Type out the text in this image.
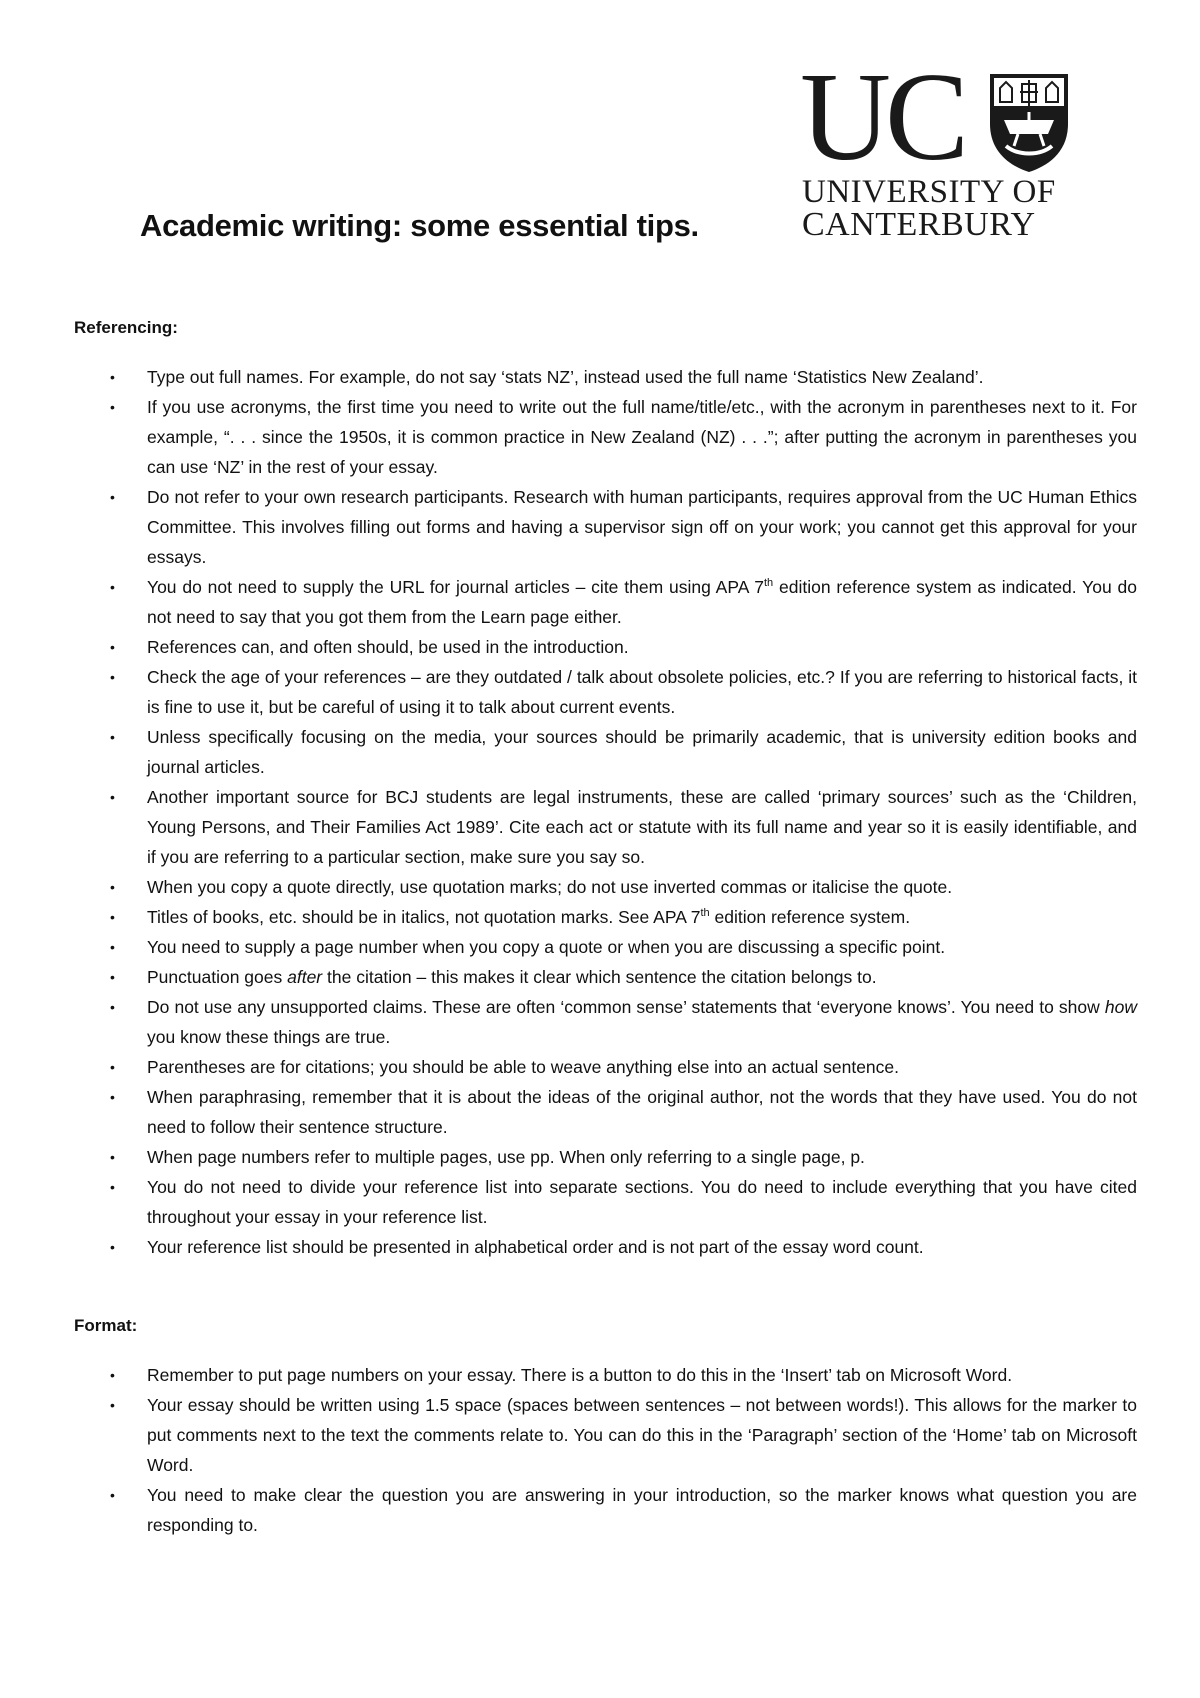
UC
UNIVERSITY OF
CANTERBURY
Academic writing: some essential tips.
Referencing:
• Type out full names. For example, do not say ‘stats NZ’, instead used the full name ‘Statistics New Zealand’.
• If you use acronyms, the first time you need to write out the full name/title/etc., with the acronym in parentheses next to it. For example, “. . . since the 1950s, it is common practice in New Zealand (NZ) . . .”; after putting the acronym in parentheses you can use ‘NZ’ in the rest of your essay.
• Do not refer to your own research participants. Research with human participants, requires approval from the UC Human Ethics Committee. This involves filling out forms and having a supervisor sign off on your work; you cannot get this approval for your essays.
• You do not need to supply the URL for journal articles – cite them using APA 7th edition reference system as indicated. You do not need to say that you got them from the Learn page either.
• References can, and often should, be used in the introduction.
• Check the age of your references – are they outdated / talk about obsolete policies, etc.? If you are referring to historical facts, it is fine to use it, but be careful of using it to talk about current events.
• Unless specifically focusing on the media, your sources should be primarily academic, that is university edition books and journal articles.
• Another important source for BCJ students are legal instruments, these are called ‘primary sources’ such as the ‘Children, Young Persons, and Their Families Act 1989’. Cite each act or statute with its full name and year so it is easily identifiable, and if you are referring to a particular section, make sure you say so.
• When you copy a quote directly, use quotation marks; do not use inverted commas or italicise the quote.
• Titles of books, etc. should be in italics, not quotation marks. See APA 7th edition reference system.
• You need to supply a page number when you copy a quote or when you are discussing a specific point.
• Punctuation goes after the citation – this makes it clear which sentence the citation belongs to.
• Do not use any unsupported claims. These are often ‘common sense’ statements that ‘everyone knows’. You need to show how you know these things are true.
• Parentheses are for citations; you should be able to weave anything else into an actual sentence.
• When paraphrasing, remember that it is about the ideas of the original author, not the words that they have used. You do not need to follow their sentence structure.
• When page numbers refer to multiple pages, use pp. When only referring to a single page, p.
• You do not need to divide your reference list into separate sections. You do need to include everything that you have cited throughout your essay in your reference list.
• Your reference list should be presented in alphabetical order and is not part of the essay word count.
Format:
• Remember to put page numbers on your essay. There is a button to do this in the ‘Insert’ tab on Microsoft Word.
• Your essay should be written using 1.5 space (spaces between sentences – not between words!). This allows for the marker to put comments next to the text the comments relate to. You can do this in the ‘Paragraph’ section of the ‘Home’ tab on Microsoft Word.
• You need to make clear the question you are answering in your introduction, so the marker knows what question you are responding to.
